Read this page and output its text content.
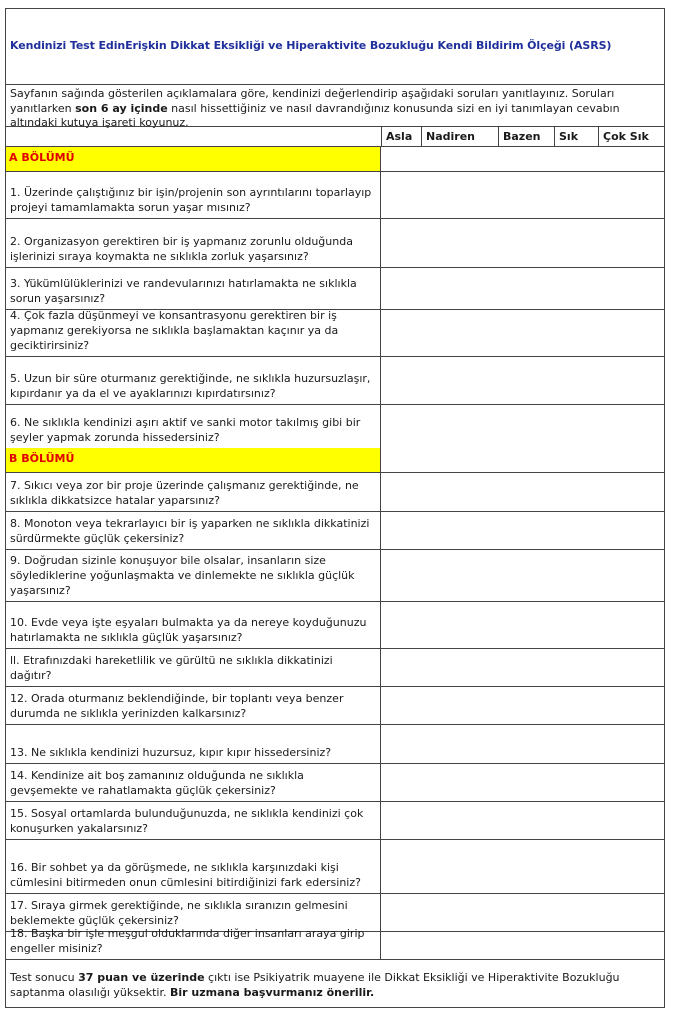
Kendinizi Test EdinErişkin Dikkat Eksikliği ve Hiperaktivite Bozukluğu Kendi Bildirim Ölçeği (ASRS)
Sayfanın sağında gösterilen açıklamalara göre, kendinizi değerlendirip aşağıdaki soruları yanıtlayınız. Soruları yanıtlarken son 6 ay içinde nasıl hissettiğiniz ve nasıl davrandığınız konusunda sizi en iyi tanımlayan cevabın altındaki kutuya işareti koyunuz.
Asla	Nadiren	Bazen	Sık	Çok Sık
A BÖLÜMÜ
1. Üzerinde çalıştığınız bir işin/projenin son ayrıntılarını toparlayıp projeyi tamamlamakta sorun yaşar mısınız?
2. Organizasyon gerektiren bir iş yapmanız zorunlu olduğunda işlerinizi sıraya koymakta ne sıklıkla zorluk yaşarsınız?
3. Yükümlülüklerinizi ve randevularınızı hatırlamakta ne sıklıkla sorun yaşarsınız?
4. Çok fazla düşünmeyi ve konsantrasyonu gerektiren bir iş yapmanız gerekiyorsa ne sıklıkla başlamaktan kaçınır ya da geciktirirsiniz?
5. Uzun bir süre oturmanız gerektiğinde, ne sıklıkla huzursuzlaşır, kıpırdanır ya da el ve ayaklarınızı kıpırdatırsınız?
6. Ne sıklıkla kendinizi aşırı aktif ve sanki motor takılmış gibi bir şeyler yapmak zorunda hissedersiniz?
B BÖLÜMÜ
7. Sıkıcı veya zor bir proje üzerinde çalışmanız gerektiğinde, ne sıklıkla dikkatsizce hatalar yaparsınız?
8. Monoton veya tekrarlayıcı bir iş yaparken ne sıklıkla dikkatinizi sürdürmekte güçlük çekersiniz?
9. Doğrudan sizinle konuşuyor bile olsalar, insanların size söylediklerine yoğunlaşmakta ve dinlemekte ne sıklıkla güçlük yaşarsınız?
10. Evde veya işte eşyaları bulmakta ya da nereye koyduğunuzu hatırlamakta ne sıklıkla güçlük yaşarsınız?
ll. Etrafınızdaki hareketlilik ve gürültü ne sıklıkla dikkatinizi dağıtır?
12. Orada oturmanız beklendiğinde, bir toplantı veya benzer durumda ne sıklıkla yerinizden kalkarsınız?
13. Ne sıklıkla kendinizi huzursuz, kıpır kıpır hissedersiniz?
14. Kendinize ait boş zamanınız olduğunda ne sıklıkla gevşemekte ve rahatlamakta güçlük çekersiniz?
15. Sosyal ortamlarda bulunduğunuzda, ne sıklıkla kendinizi çok konuşurken yakalarsınız?
16. Bir sohbet ya da görüşmede, ne sıklıkla karşınızdaki kişi cümlesini bitirmeden onun cümlesini bitirdiğinizi fark edersiniz?
17. Sıraya girmek gerektiğinde, ne sıklıkla sıranızın gelmesini beklemekte güçlük çekersiniz?
18. Başka bir işle meşgul olduklarında diğer insanları araya girip engeller misiniz?

Test sonucu 37 puan ve üzerinde çıktı ise Psikiyatrik muayene ile Dikkat Eksikliği ve Hiperaktivite Bozukluğu saptanma olasılığı yüksektir. Bir uzmana başvurmanız önerilir.
